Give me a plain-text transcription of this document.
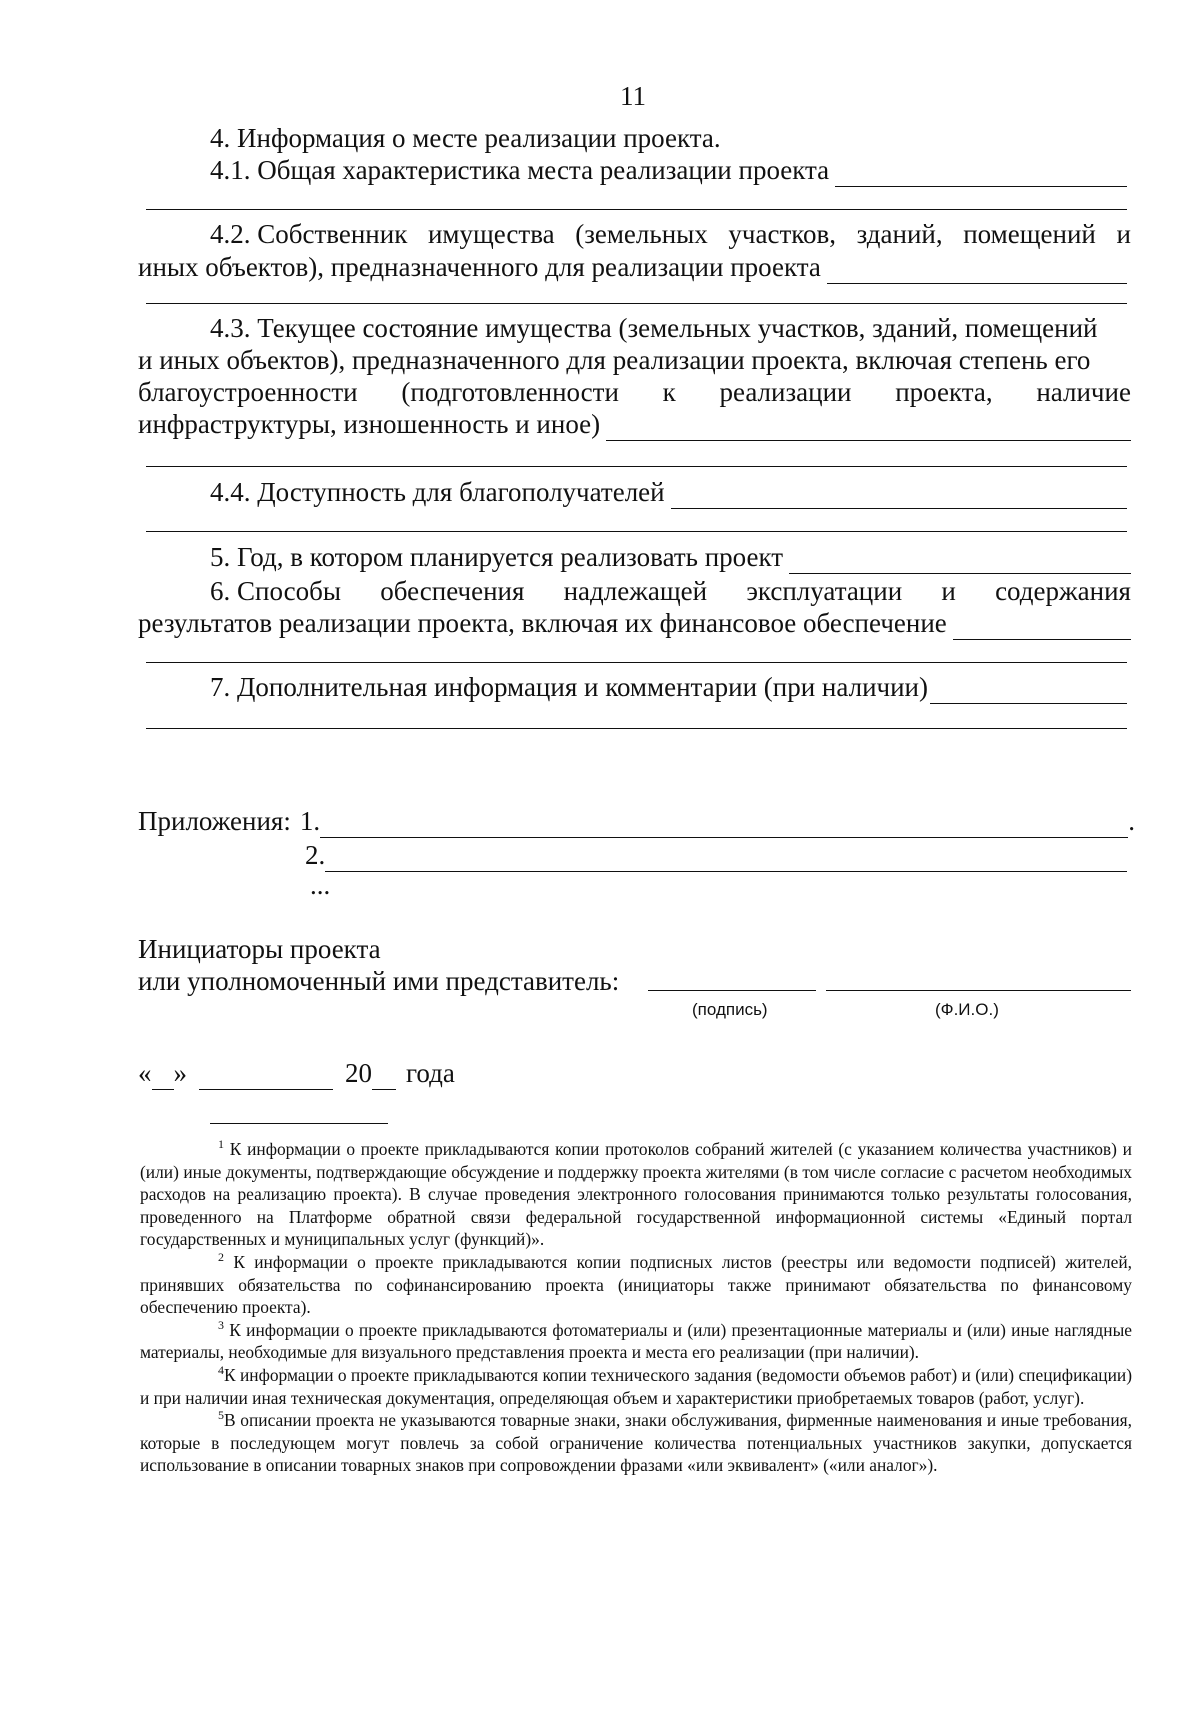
11
4. Информация о месте реализации проекта.
4.1. Общая характеристика места реализации проекта
4.2. Собственник имущества (земельных участков, зданий, помещений и
иных объектов), предназначенного для реализации проекта
4.3. Текущее состояние имущества (земельных участков, зданий, помещений
и иных объектов), предназначенного для реализации проекта, включая степень его
благоустроенности (подготовленности к реализации проекта, наличие
инфраструктуры, изношенность и иное)
4.4. Доступность для благополучателей
5. Год, в котором планируется реализовать проект
6. Способы обеспечения надлежащей эксплуатации и содержания
результатов реализации проекта, включая их финансовое обеспечение
7. Дополнительная информация и комментарии (при наличии)
Приложения: 1.	.
2.
...
Инициаторы проекта
или уполномоченный ими представитель:
(подпись)	(Ф.И.О.)
« »	20 года

$^1$ К информации о проекте прикладываются копии протоколов собраний жителей (с указанием количества участников) и (или) иные документы, подтверждающие обсуждение и поддержку проекта жителями (в том числе согласие с расчетом необходимых расходов на реализацию проекта). В случае проведения электронного голосования принимаются только результаты голосования, проведенного на Платформе обратной связи федеральной государственной информационной системы «Единый портал государственных и муниципальных услуг (функций)».

$^2$ К информации о проекте прикладываются копии подписных листов (реестры или ведомости подписей) жителей, принявших обязательства по софинансированию проекта (инициаторы также принимают обязательства по финансовому обеспечению проекта).

$^3$ К информации о проекте прикладываются фотоматериалы и (или) презентационные материалы и (или) иные наглядные материалы, необходимые для визуального представления проекта и места его реализации (при наличии).

$^4$К информации о проекте прикладываются копии технического задания (ведомости объемов работ) и (или) спецификации) и при наличии иная техническая документация, определяющая объем и характеристики приобретаемых товаров (работ, услуг).

$^5$В описании проекта не указываются товарные знаки, знаки обслуживания, фирменные наименования и иные требования, которые в последующем могут повлечь за собой ограничение количества потенциальных участников закупки, допускается использование в описании товарных знаков при сопровождении фразами «или эквивалент» («или аналог»).
